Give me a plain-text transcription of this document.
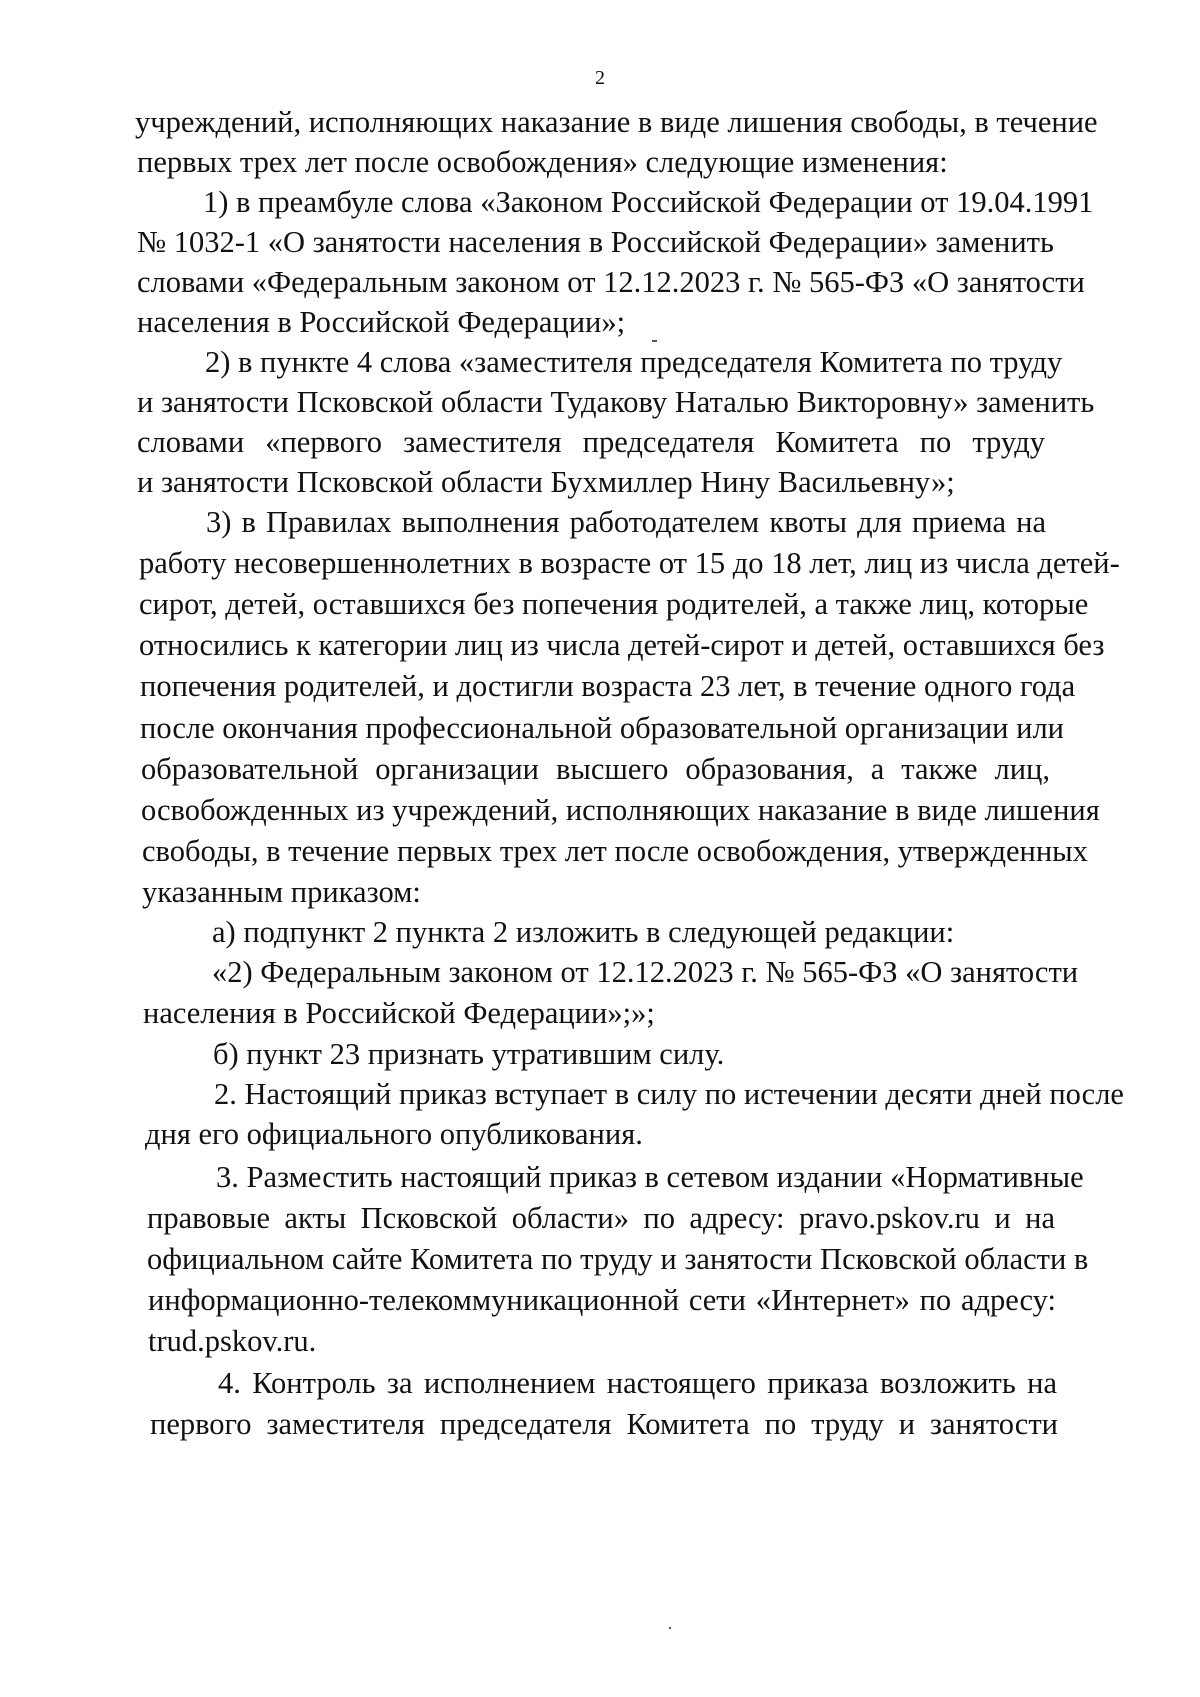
2
учреждений, исполняющих наказание в виде лишения свободы, в течение
первых трех лет после освобождения» следующие изменения:
1) в преамбуле слова «Законом Российской Федерации от 19.04.1991
№ 1032-1 «О занятости населения в Российской Федерации» заменить
словами «Федеральным законом от 12.12.2023 г. № 565-ФЗ «О занятости
населения в Российской Федерации»;
2) в пункте 4 слова «заместителя председателя Комитета по труду
и занятости Псковской области Тудакову Наталью Викторовну» заменить
словами «первого заместителя председателя Комитета по труду
и занятости Псковской области Бухмиллер Нину Васильевну»;
3) в Правилах выполнения работодателем квоты для приема на
работу несовершеннолетних в возрасте от 15 до 18 лет, лиц из числа детей-
сирот, детей, оставшихся без попечения родителей, а также лиц, которые
относились к категории лиц из числа детей-сирот и детей, оставшихся без
попечения родителей, и достигли возраста 23 лет, в течение одного года
после окончания профессиональной образовательной организации или
образовательной организации высшего образования, а также лиц,
освобожденных из учреждений, исполняющих наказание в виде лишения
свободы, в течение первых трех лет после освобождения, утвержденных
указанным приказом:
а) подпункт 2 пункта 2 изложить в следующей редакции:
«2) Федеральным законом от 12.12.2023 г. № 565-ФЗ «О занятости
населения в Российской Федерации»;»;
б) пункт 23 признать утратившим силу.
2. Настоящий приказ вступает в силу по истечении десяти дней после
дня его официального опубликования.
3. Разместить настоящий приказ в сетевом издании «Нормативные
правовые акты Псковской области» по адресу: pravo.pskov.ru и на
официальном сайте Комитета по труду и занятости Псковской области в
информационно-телекоммуникационной сети «Интернет» по адресу:
trud.pskov.ru.
4. Контроль за исполнением настоящего приказа возложить на
первого заместителя председателя Комитета по труду и занятости
